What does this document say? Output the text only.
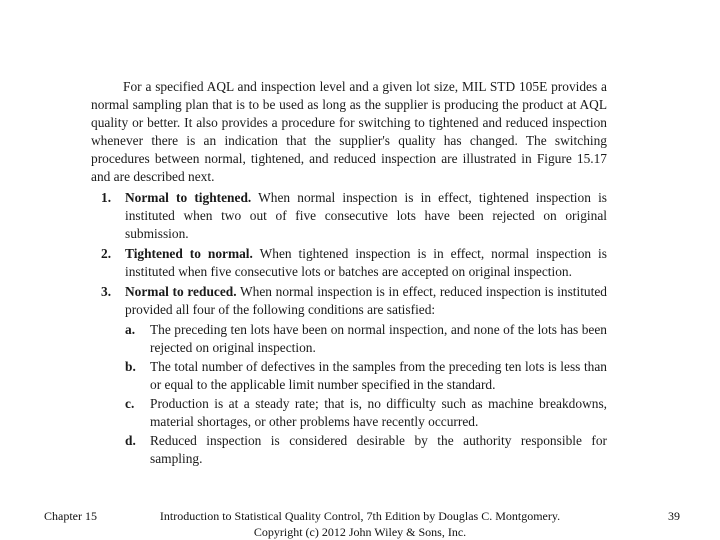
For a specified AQL and inspection level and a given lot size, MIL STD 105E provides a normal sampling plan that is to be used as long as the supplier is producing the product at AQL quality or better. It also provides a procedure for switching to tightened and reduced inspection whenever there is an indication that the supplier's quality has changed. The switching procedures between normal, tightened, and reduced inspection are illustrated in Figure 15.17 and are described next.

1. Normal to tightened. When normal inspection is in effect, tightened inspection is instituted when two out of five consecutive lots have been rejected on original submission.
2. Tightened to normal. When tightened inspection is in effect, normal inspection is instituted when five consecutive lots or batches are accepted on original inspection.
3. Normal to reduced. When normal inspection is in effect, reduced inspection is instituted provided all four of the following conditions are satisfied:
a. The preceding ten lots have been on normal inspection, and none of the lots has been rejected on original inspection.
b. The total number of defectives in the samples from the preceding ten lots is less than or equal to the applicable limit number specified in the standard.
c. Production is at a steady rate; that is, no difficulty such as machine breakdowns, material shortages, or other problems have recently occurred.
d. Reduced inspection is considered desirable by the authority responsible for sampling.
Chapter 15	Introduction to Statistical Quality Control, 7th Edition by Douglas C. Montgomery.
Copyright (c) 2012 John Wiley & Sons, Inc.
39
